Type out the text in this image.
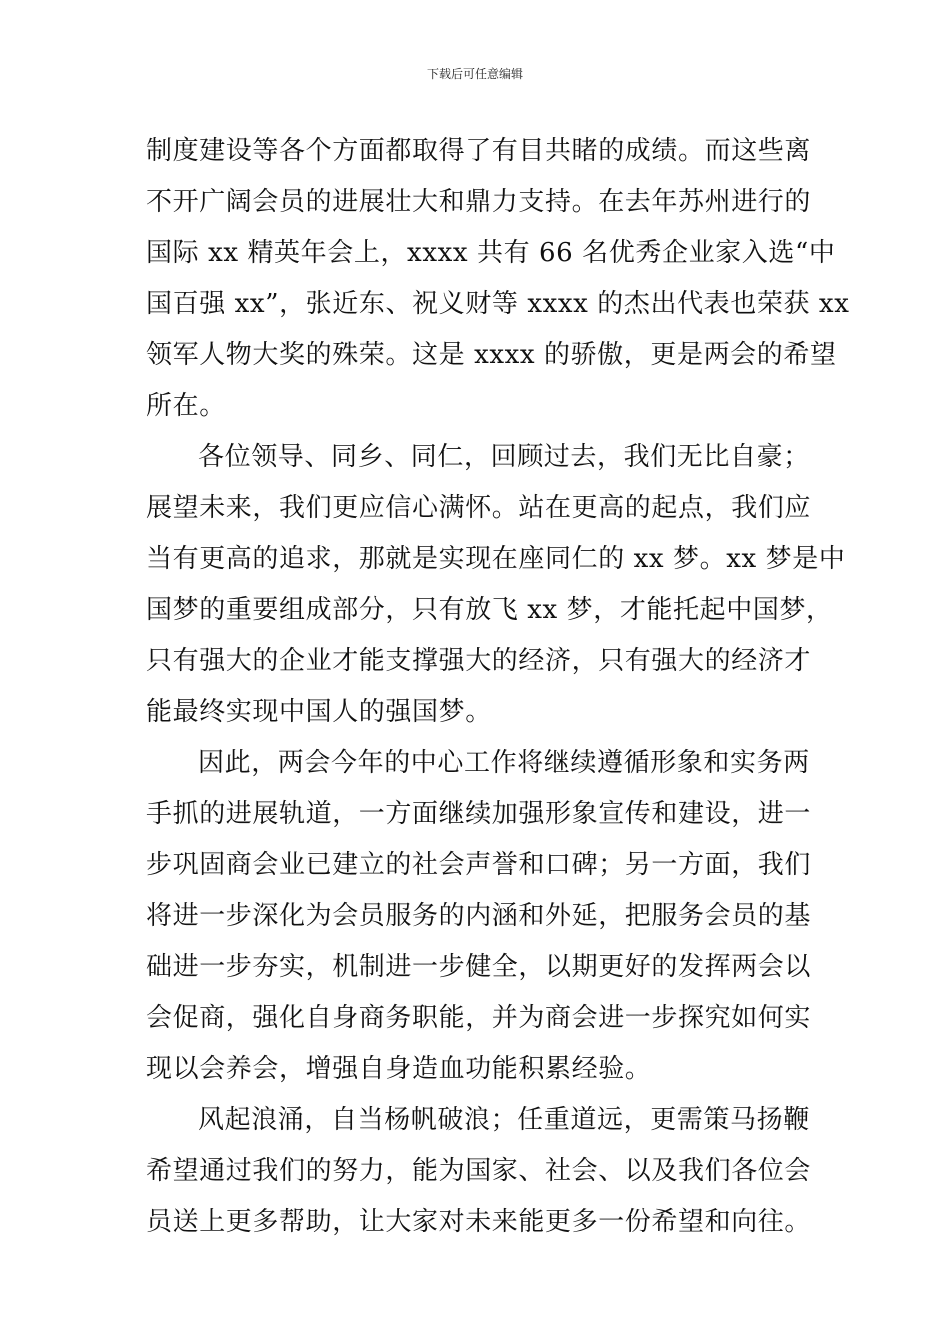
下载后可任意编辑
制度建设等各个方面都取得了有目共睹的成绩。而这些离
不开广阔会员的进展壮大和鼎力支持。在去年苏州进行的
国际 xx 精英年会上，xxxx 共有 66 名优秀企业家入选“中
国百强 xx”，张近东、祝义财等 xxxx 的杰出代表也荣获 xx
领军人物大奖的殊荣。这是 xxxx 的骄傲，更是两会的希望
所在。
各位领导、同乡、同仁，回顾过去，我们无比自豪；
展望未来，我们更应信心满怀。站在更高的起点，我们应
当有更高的追求，那就是实现在座同仁的 xx 梦。xx 梦是中
国梦的重要组成部分，只有放飞 xx 梦，才能托起中国梦，
只有强大的企业才能支撑强大的经济，只有强大的经济才
能最终实现中国人的强国梦。
因此，两会今年的中心工作将继续遵循形象和实务两
手抓的进展轨道，一方面继续加强形象宣传和建设，进一
步巩固商会业已建立的社会声誉和口碑；另一方面，我们
将进一步深化为会员服务的内涵和外延，把服务会员的基
础进一步夯实，机制进一步健全，以期更好的发挥两会以
会促商，强化自身商务职能，并为商会进一步探究如何实
现以会养会，增强自身造血功能积累经验。
风起浪涌，自当杨帆破浪；任重道远，更需策马扬鞭
希望通过我们的努力，能为国家、社会、以及我们各位会
员送上更多帮助，让大家对未来能更多一份希望和向往。
